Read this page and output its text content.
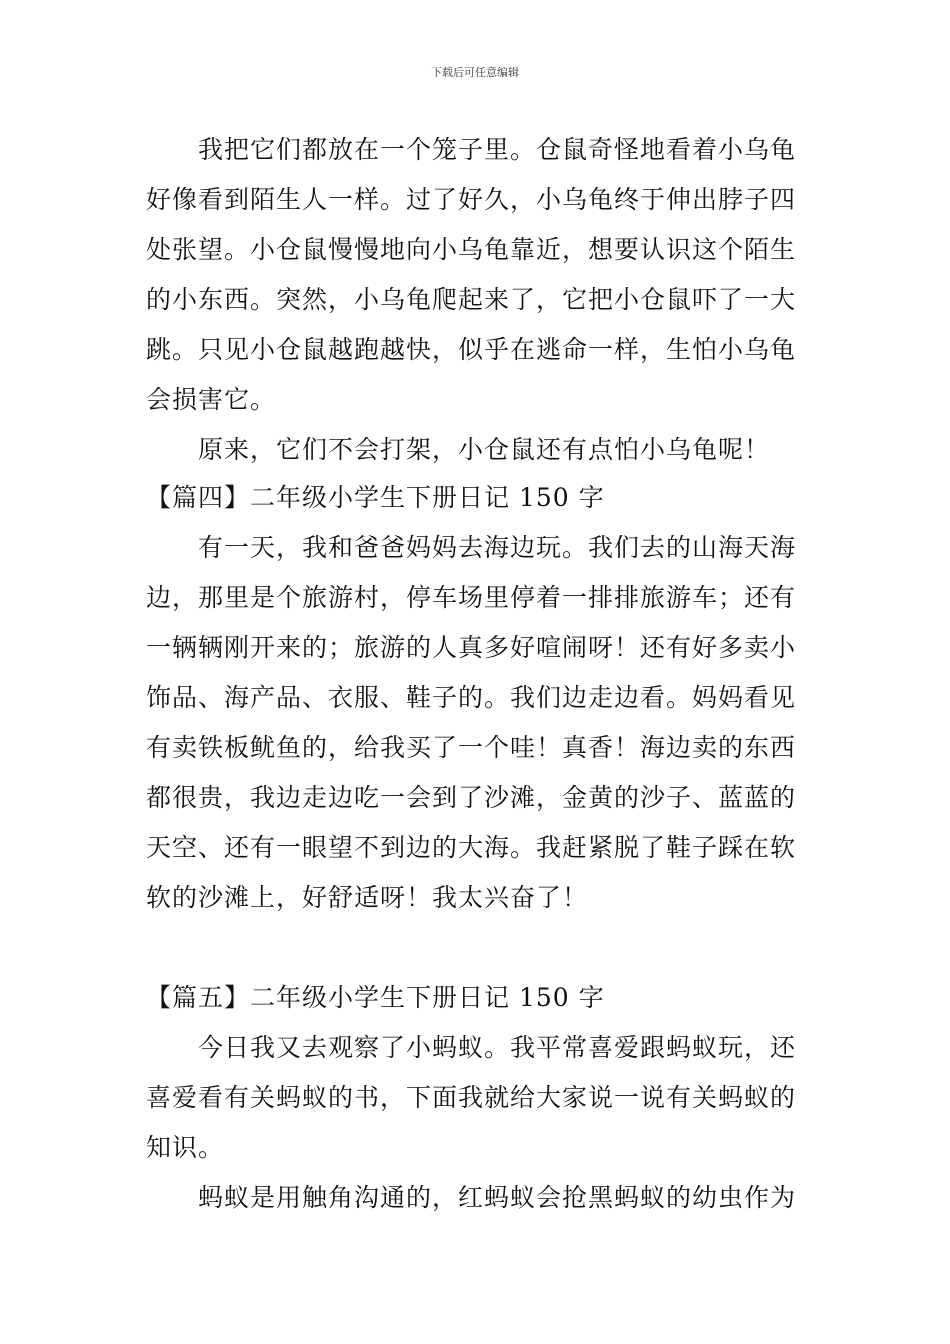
下载后可任意编辑
　　我把它们都放在一个笼子里。仓鼠奇怪地看着小乌龟
好像看到陌生人一样。过了好久，小乌龟终于伸出脖子四
处张望。小仓鼠慢慢地向小乌龟靠近，想要认识这个陌生
的小东西。突然，小乌龟爬起来了，它把小仓鼠吓了一大
跳。只见小仓鼠越跑越快，似乎在逃命一样，生怕小乌龟
会损害它。
　　原来，它们不会打架，小仓鼠还有点怕小乌龟呢！
【篇四】二年级小学生下册日记 150 字
　　有一天，我和爸爸妈妈去海边玩。我们去的山海天海
边，那里是个旅游村，停车场里停着一排排旅游车；还有
一辆辆刚开来的；旅游的人真多好喧闹呀！还有好多卖小
饰品、海产品、衣服、鞋子的。我们边走边看。妈妈看见
有卖铁板鱿鱼的，给我买了一个哇！真香！海边卖的东西
都很贵，我边走边吃一会到了沙滩，金黄的沙子、蓝蓝的
天空、还有一眼望不到边的大海。我赶紧脱了鞋子踩在软
软的沙滩上，好舒适呀！我太兴奋了！
【篇五】二年级小学生下册日记 150 字
　　今日我又去观察了小蚂蚁。我平常喜爱跟蚂蚁玩，还
喜爱看有关蚂蚁的书，下面我就给大家说一说有关蚂蚁的
知识。
　　蚂蚁是用触角沟通的，红蚂蚁会抢黑蚂蚁的幼虫作为
